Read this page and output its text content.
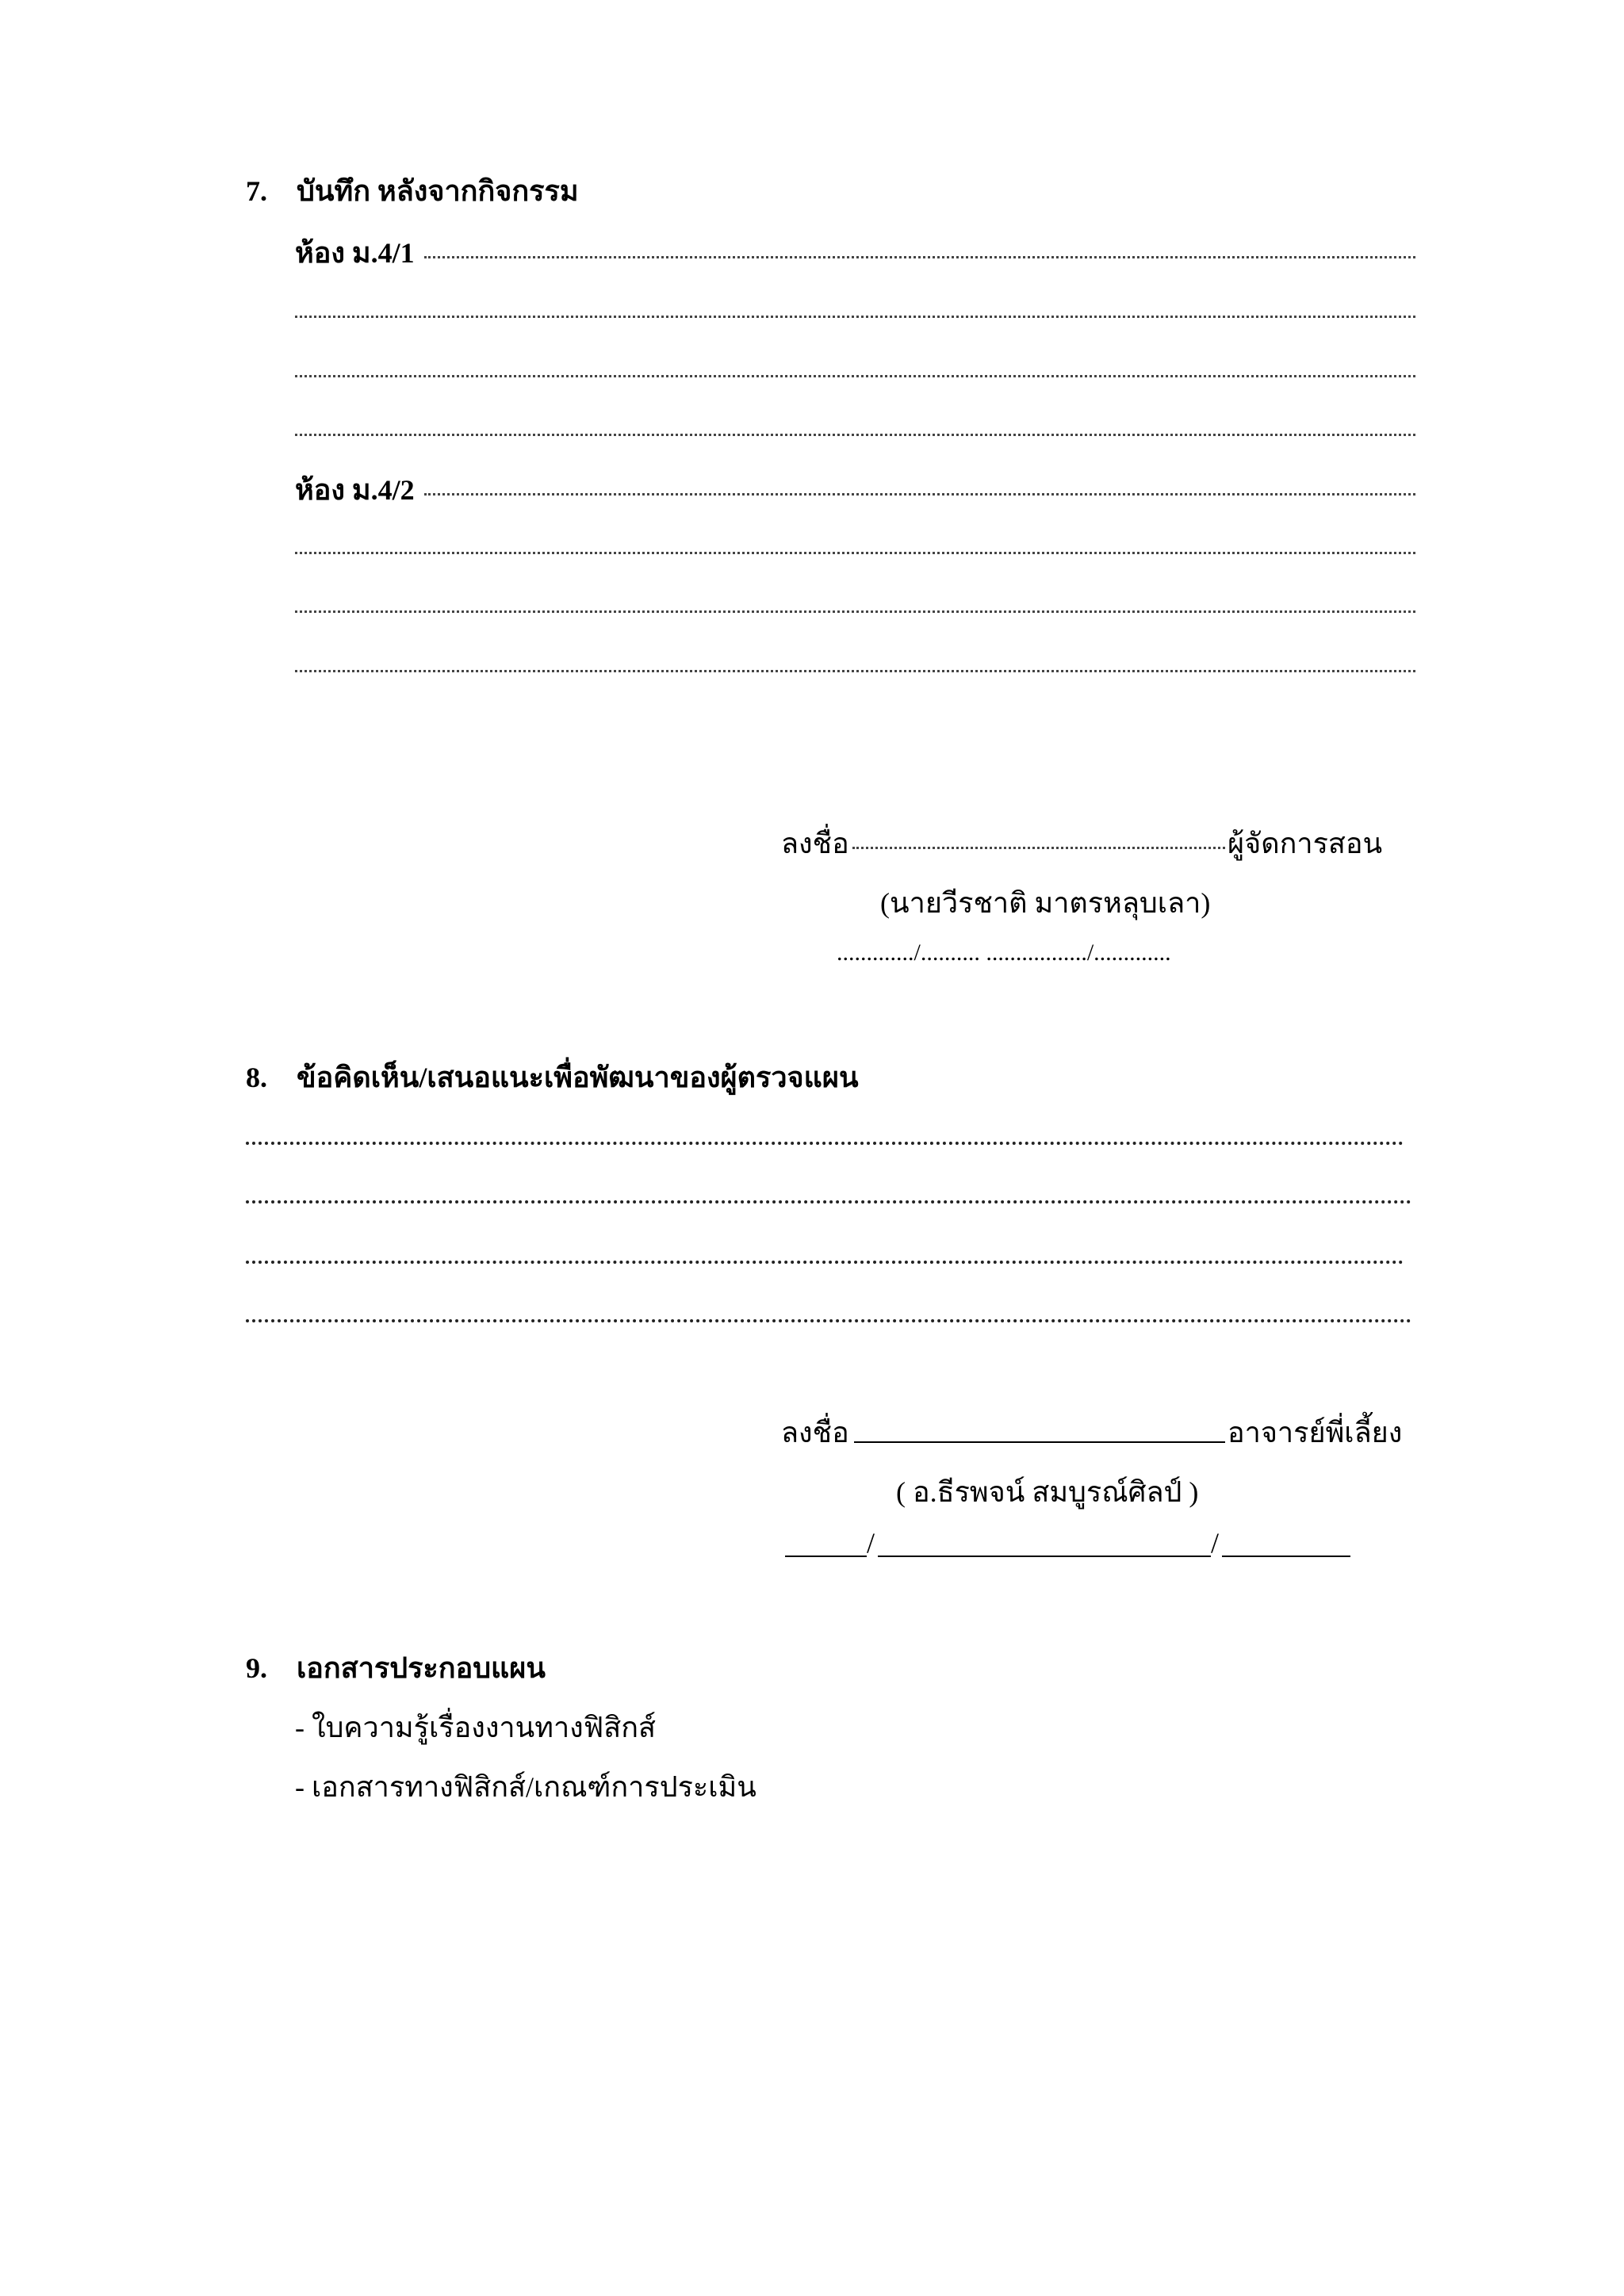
7. บันทึก หลังจากกิจกรรม
ห้อง ม.4/1
ห้อง ม.4/2
ลงชื่อ	ผู้จัดการสอน
(นายวีรชาติ มาตรหลุบเลา)
............./.......... ................./.............
8. ข้อคิดเห็น/เสนอแนะเพื่อพัฒนาของผู้ตรวจแผน
ลงชื่อ	อาจารย์พี่เลี้ยง
( อ.ธีรพจน์ สมบูรณ์ศิลป์ )
/	/
9. เอกสารประกอบแผน
- ใบความรู้เรื่องงานทางฟิสิกส์
- เอกสารทางฟิสิกส์/เกณฑ์การประเมิน
